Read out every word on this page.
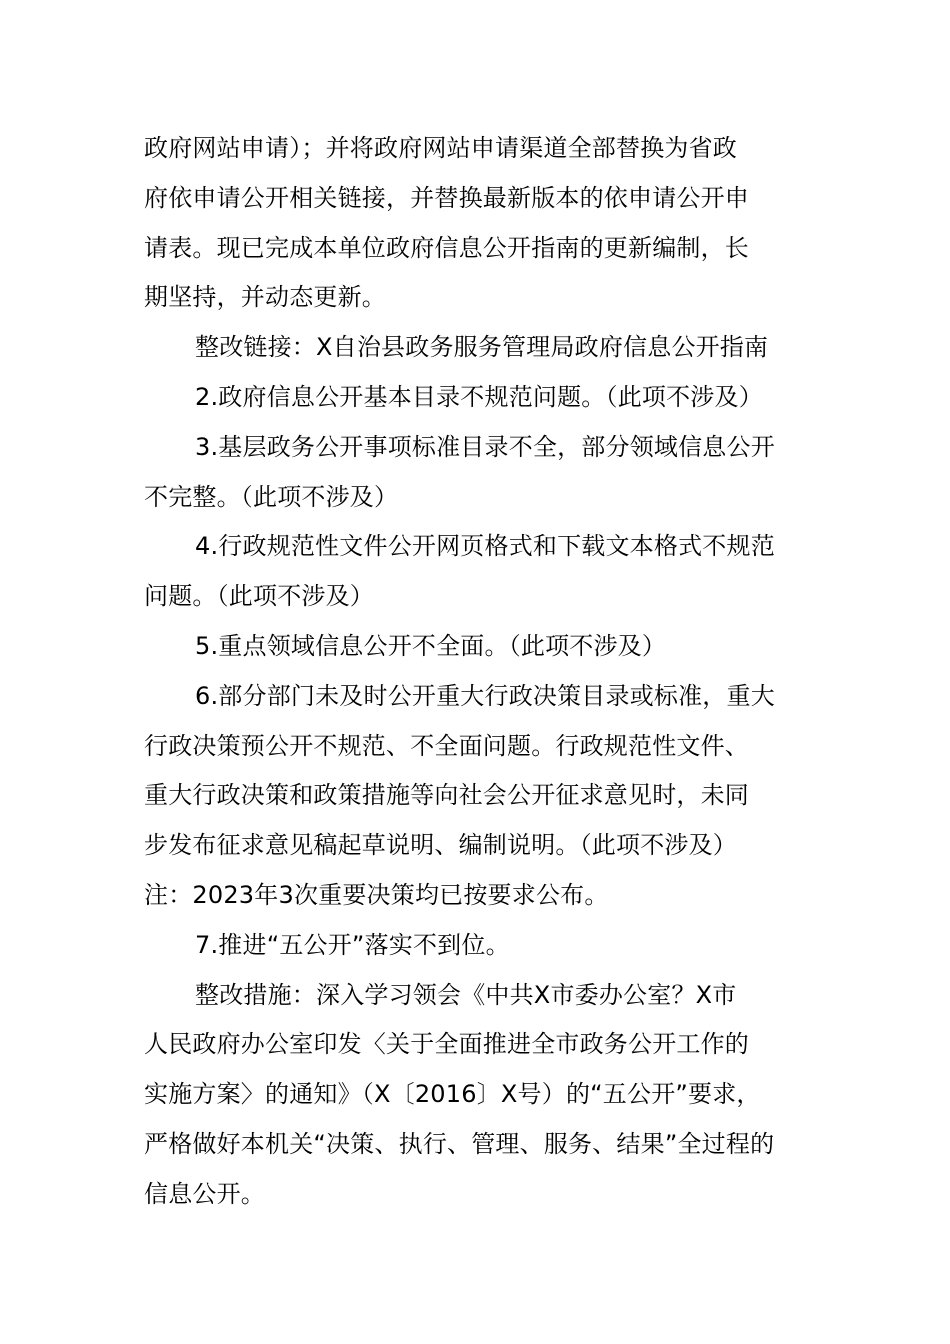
政府网站申请）；并将政府网站申请渠道全部替换为省政
府依申请公开相关链接，并替换最新版本的依申请公开申
请表。现已完成本单位政府信息公开指南的更新编制，长
期坚持，并动态更新。
整改链接：X自治县政务服务管理局政府信息公开指南
2.政府信息公开基本目录不规范问题。（此项不涉及）
3.基层政务公开事项标准目录不全，部分领域信息公开
不完整。（此项不涉及）
4.行政规范性文件公开网页格式和下载文本格式不规范
问题。（此项不涉及）
5.重点领域信息公开不全面。（此项不涉及）
6.部分部门未及时公开重大行政决策目录或标准，重大
行政决策预公开不规范、不全面问题。行政规范性文件、
重大行政决策和政策措施等向社会公开征求意见时，未同
步发布征求意见稿起草说明、编制说明。（此项不涉及）
注：2023年3次重要决策均已按要求公布。
7.推进“五公开”落实不到位。
整改措施：深入学习领会《中共X市委办公室？X市
人民政府办公室印发〈关于全面推进全市政务公开工作的
实施方案〉的通知》（X〔2016〕X号）的“五公开”要求，
严格做好本机关“决策、执行、管理、服务、结果”全过程的
信息公开。
